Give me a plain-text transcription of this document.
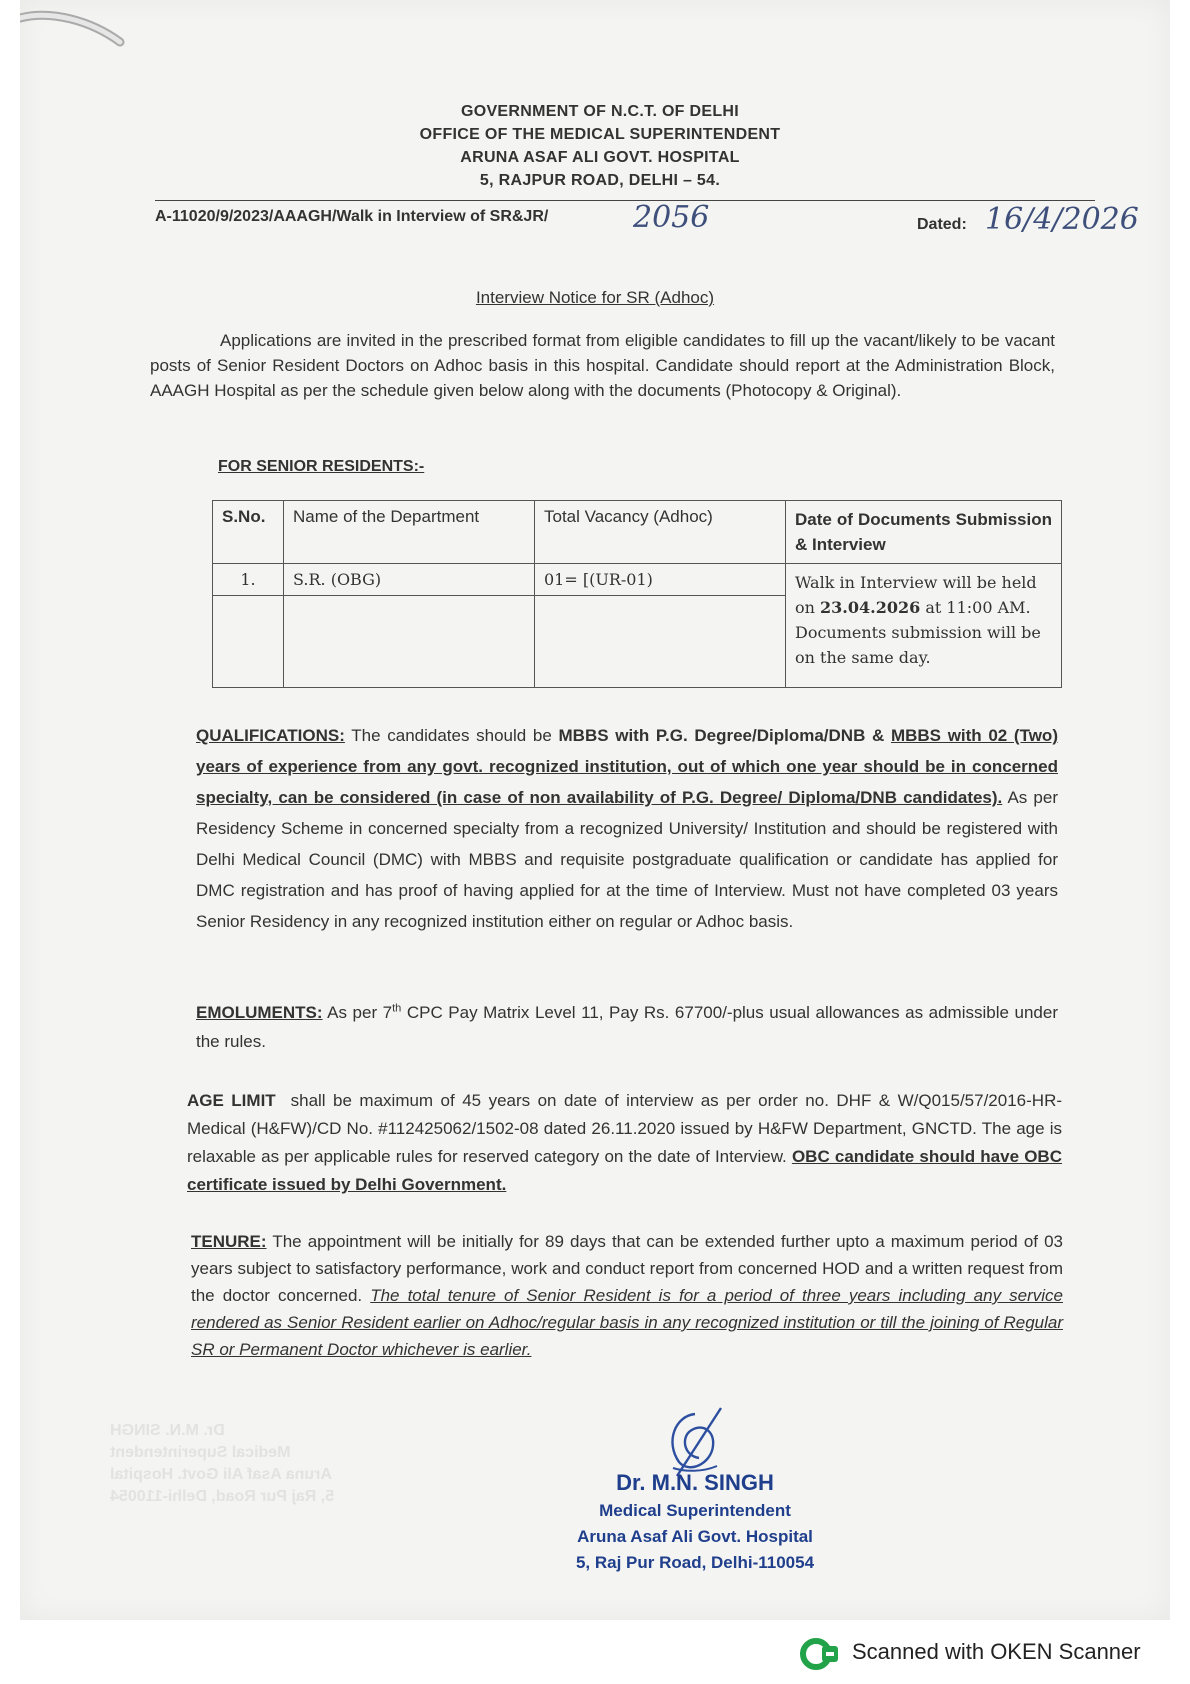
GOVERNMENT OF N.C.T. OF DELHI
OFFICE OF THE MEDICAL SUPERINTENDENT
ARUNA ASAF ALI GOVT. HOSPITAL
5, RAJPUR ROAD, DELHI – 54.
A-11020/9/2023/AAAGH/Walk in Interview of SR&JR/	2056	Dated: 16/4/2026
Interview Notice for SR (Adhoc)
Applications are invited in the prescribed format from eligible candidates to fill up the vacant/likely to be vacant posts of Senior Resident Doctors on Adhoc basis in this hospital. Candidate should report at the Administration Block, AAAGH Hospital as per the schedule given below along with the documents (Photocopy & Original).
FOR SENIOR RESIDENTS:-
S.No.	Name of the Department	Total Vacancy (Adhoc)	Date of Documents Submission & Interview
1.	S.R. (OBG)	01= [(UR-01)	Walk in Interview will be held on 23.04.2026 at 11:00 AM. Documents submission will be on the same day.

QUALIFICATIONS: The candidates should be MBBS with P.G. Degree/Diploma/DNB & MBBS with 02 (Two) years of experience from any govt. recognized institution, out of which one year should be in concerned specialty, can be considered (in case of non availability of P.G. Degree/ Diploma/DNB candidates). As per Residency Scheme in concerned specialty from a recognized University/ Institution and should be registered with Delhi Medical Council (DMC) with MBBS and requisite postgraduate qualification or candidate has applied for DMC registration and has proof of having applied for at the time of Interview. Must not have completed 03 years Senior Residency in any recognized institution either on regular or Adhoc basis.
EMOLUMENTS: As per 7th CPC Pay Matrix Level 11, Pay Rs. 67700/-plus usual allowances as admissible under the rules.
AGE LIMIT shall be maximum of 45 years on date of interview as per order no. DHF & W/Q015/57/2016-HR-Medical (H&FW)/CD No. #112425062/1502-08 dated 26.11.2020 issued by H&FW Department, GNCTD. The age is relaxable as per applicable rules for reserved category on the date of Interview. OBC candidate should have OBC certificate issued by Delhi Government.
TENURE: The appointment will be initially for 89 days that can be extended further upto a maximum period of 03 years subject to satisfactory performance, work and conduct report from concerned HOD and a written request from the doctor concerned. The total tenure of Senior Resident is for a period of three years including any service rendered as Senior Resident earlier on Adhoc/regular basis in any recognized institution or till the joining of Regular SR or Permanent Doctor whichever is earlier.
Dr. M.N. SINGH
Medical Superintendent
Aruna Asaf Ali Govt. Hospital
5, Raj Pur Road, Delhi-110054
Dr. M.N. SINGH
Medical Superintendent
Aruna Asaf Ali Govt. Hospital
5, Raj Pur Road, Delhi-110054
Scanned with OKEN Scanner
